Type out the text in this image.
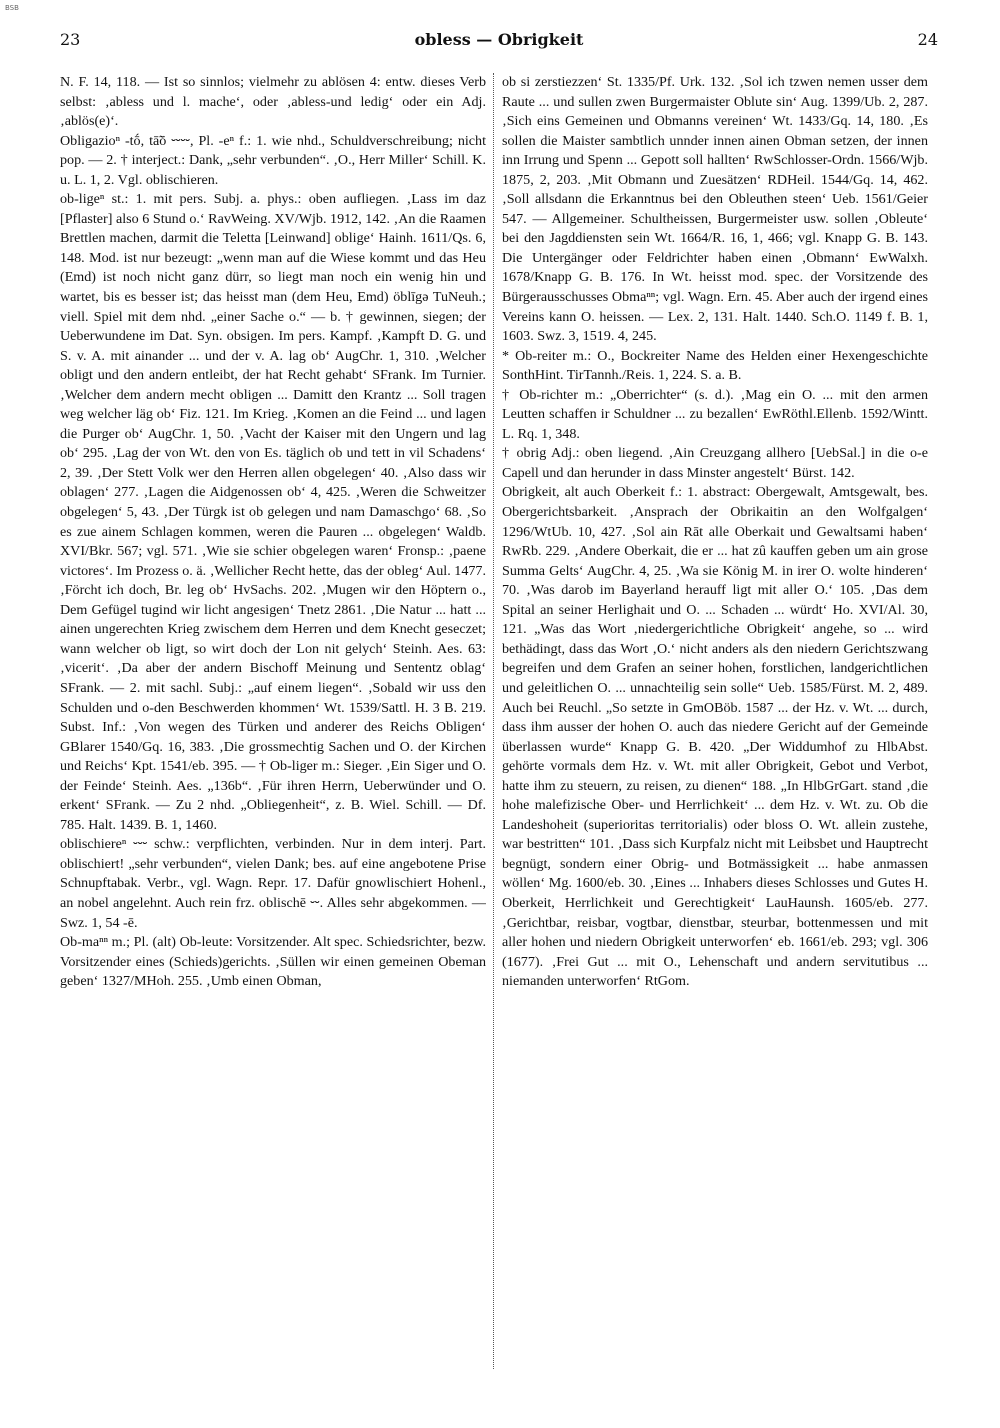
BSB
23	obless — Obrigkeit	24

N. F. 14, 118. — Ist so sinnlos; vielmehr zu ablösen 4: entw. dieses Verb selbst: ‚abless und l. mache‘, oder ‚abless-und ledig‘ oder ein Adj. ‚ablös(e)‘.

Obligazioⁿ -tṓ, tā̃ō ⏑⏑⏑⏑, Pl. -eⁿ f.: 1. wie nhd., Schuldverschreibung; nicht pop. — 2. † interject.: Dank, „sehr verbunden“. ‚O., Herr Miller‘ Schill. K. u. L. 1, 2. Vgl. oblischieren.

ob-ligeⁿ st.: 1. mit pers. Subj. a. phys.: oben aufliegen. ‚Lass im daz [Pflaster] also 6 Stund o.‘ RavWeing. XV/Wjb. 1912, 142. ‚An die Raamen Brettlen machen, darmit die Teletta [Leinwand] oblige‘ Hainh. 1611/Qs. 6, 148. Mod. ist nur bezeugt: „wenn man auf die Wiese kommt und das Heu (Emd) ist noch nicht ganz dürr, so liegt man noch ein wenig hin und wartet, bis es besser ist; das heisst man (dem Heu, Emd) öblīgə TuNeuh.; viell. Spiel mit dem nhd. „einer Sache o.“ — b. † gewinnen, siegen; der Ueberwundene im Dat. Syn. obsigen. Im pers. Kampf. ‚Kampft D. G. und S. v. A. mit ainander ... und der v. A. lag ob‘ AugChr. 1, 310. ‚Welcher obligt und den andern entleibt, der hat Recht gehabt‘ SFrank. Im Turnier. ‚Welcher dem andern mecht obligen ... Damitt den Krantz ... Soll tragen weg welcher läg ob‘ Fiz. 121. Im Krieg. ‚Komen an die Feind ... und lagen die Purger ob‘ AugChr. 1, 50. ‚Vacht der Kaiser mit den Ungern und lag ob‘ 295. ‚Lag der von Wt. den von Es. täglich ob und tett in vil Schadens‘ 2, 39. ‚Der Stett Volk wer den Herren allen obgelegen‘ 40. ‚Also dass wir oblagen‘ 277. ‚Lagen die Aidgenossen ob‘ 4, 425. ‚Weren die Schweitzer obgelegen‘ 5, 43. ‚Der Türgk ist ob gelegen und nam Damaschgo‘ 68. ‚So es zue ainem Schlagen kommen, weren die Pauren ... obgelegen‘ Waldb. XVI/Bkr. 567; vgl. 571. ‚Wie sie schier obgelegen waren‘ Fronsp.: ‚paene victores‘. Im Prozess o. ä. ‚Wellicher Recht hette, das der obleg‘ Aul. 1477. ‚Förcht ich doch, Br. leg ob‘ HvSachs. 202. ‚Mugen wir den Höptern o., Dem Gefügel tugind wir licht angesigen‘ Tnetz 2861. ‚Die Natur ... hatt ... ainen ungerechten Krieg zwischem dem Herren und dem Knecht geseczet; wann welcher ob ligt, so wirt doch der Lon nit gelych‘ Steinh. Aes. 63: ‚vicerit‘. ‚Da aber der andern Bischoff Meinung und Sententz oblag‘ SFrank. — 2. mit sachl. Subj.: „auf einem liegen“. ‚Sobald wir uss den Schulden und o-den Beschwerden khommen‘ Wt. 1539/Sattl. H. 3 B. 219. Subst. Inf.: ‚Von wegen des Türken und anderer des Reichs Obligen‘ GBlarer 1540/Gq. 16, 383. ‚Die grossmechtig Sachen und O. der Kirchen und Reichs‘ Kpt. 1541/eb. 395. — † Ob-liger m.: Sieger. ‚Ein Siger und O. der Feinde‘ Steinh. Aes. „136b“. ‚Für ihren Herrn, Ueberwünder und O. erkent‘ SFrank. — Zu 2 nhd. „Obliegenheit“, z. B. Wiel. Schill. — Df. 785. Halt. 1439. B. 1, 1460.

oblischiereⁿ ⏑⏑⏑ schw.: verpflichten, verbinden. Nur in dem interj. Part. oblischiert! „sehr verbunden“, vielen Dank; bes. auf eine angebotene Prise Schnupftabak. Verbr., vgl. Wagn. Repr. 17. Dafür gnowlischiert Hohenl., an nobel angelehnt. Auch rein frz. oblischē ⏑⏑. Alles sehr abgekommen. — Swz. 1, 54 -ē.

Ob-maⁿⁿ m.; Pl. (alt) Ob-leute: Vorsitzender. Alt spec. Schiedsrichter, bezw. Vorsitzender eines (Schieds)gerichts. ‚Süllen wir einen gemeinen Obeman geben‘ 1327/MHoh. 255. ‚Umb einen Obman,

ob si zerstiezzen‘ St. 1335/Pf. Urk. 132. ‚Sol ich tzwen nemen usser dem Raute ... und sullen zwen Burgermaister Oblute sin‘ Aug. 1399/Ub. 2, 287. ‚Sich eins Gemeinen und Obmanns vereinen‘ Wt. 1433/Gq. 14, 180. ‚Es sollen die Maister sambtlich unnder innen ainen Obman setzen, der innen inn Irrung und Spenn ... Gepott soll hallten‘ RwSchlosser-Ordn. 1566/Wjb. 1875, 2, 203. ‚Mit Obmann und Zuesätzen‘ RDHeil. 1544/Gq. 14, 462. ‚Soll allsdann die Erkanntnus bei den Obleuthen steen‘ Ueb. 1561/Geier 547. — Allgemeiner. Schultheissen, Burgermeister usw. sollen ‚Obleute‘ bei den Jagddiensten sein Wt. 1664/R. 16, 1, 466; vgl. Knapp G. B. 143. Die Untergänger oder Feldrichter haben einen ‚Obmann‘ EwWalxh. 1678/Knapp G. B. 176. In Wt. heisst mod. spec. der Vorsitzende des Bürgerausschusses Obmaⁿⁿ; vgl. Wagn. Ern. 45. Aber auch der irgend eines Vereins kann O. heissen. — Lex. 2, 131. Halt. 1440. Sch.O. 1149 f. B. 1, 1603. Swz. 3, 1519. 4, 245.

* Ob-reiter m.: O., Bockreiter Name des Helden einer Hexengeschichte SonthHint. TirTannh./Reis. 1, 224. S. a. B.

† Ob-richter m.: „Oberrichter“ (s. d.). ‚Mag ein O. ... mit den armen Leutten schaffen ir Schuldner ... zu bezallen‘ EwRöthl.Ellenb. 1592/Wintt. L. Rq. 1, 348.

† obrig Adj.: oben liegend. ‚Ain Creuzgang allhero [UebSal.] in die o-e Capell und dan herunder in dass Minster angestelt‘ Bürst. 142.

Obrigkeit, alt auch Oberkeit f.: 1. abstract: Obergewalt, Amtsgewalt, bes. Obergerichtsbarkeit. ‚Ansprach der Obrikaitin an den Wolfgalgen‘ 1296/WtUb. 10, 427. ‚Sol ain Rāt alle Oberkait und Gewaltsami haben‘ RwRb. 229. ‚Andere Oberkait, die er ... hat zû kauffen geben um ain grose Summa Gelts‘ AugChr. 4, 25. ‚Wa sie König M. in irer O. wolte hinderen‘ 70. ‚Was darob im Bayerland herauff ligt mit aller O.‘ 105. ‚Das dem Spital an seiner Herlighait und O. ... Schaden ... würdt‘ Ho. XVI/Al. 30, 121. „Was das Wort ‚niedergerichtliche Obrigkeit‘ angehe, so ... wird bethädingt, dass das Wort ‚O.‘ nicht anders als den niedern Gerichtszwang begreifen und dem Grafen an seiner hohen, forstlichen, landgerichtlichen und geleitlichen O. ... unnachteilig sein solle“ Ueb. 1585/Fürst. M. 2, 489. Auch bei Reuchl. „So setzte in GmOBöb. 1587 ... der Hz. v. Wt. ... durch, dass ihm ausser der hohen O. auch das niedere Gericht auf der Gemeinde überlassen wurde“ Knapp G. B. 420. „Der Widdumhof zu HlbAbst. gehörte vormals dem Hz. v. Wt. mit aller Obrigkeit, Gebot und Verbot, hatte ihm zu steuern, zu reisen, zu dienen“ 188. „In HlbGrGart. stand ‚die hohe malefizische Ober- und Herrlichkeit‘ ... dem Hz. v. Wt. zu. Ob die Landeshoheit (superioritas territorialis) oder bloss O. Wt. allein zustehe, war bestritten“ 101. ‚Dass sich Kurpfalz nicht mit Leibsbet und Hauptrecht begnügt, sondern einer Obrig- und Botmässigkeit ... habe anmassen wöllen‘ Mg. 1600/eb. 30. ‚Eines ... Inhabers dieses Schlosses und Gutes H. Oberkeit, Herrlichkeit und Gerechtigkeit‘ LauHaunsh. 1605/eb. 277. ‚Gerichtbar, reisbar, vogtbar, dienstbar, steurbar, bottenmessen und mit aller hohen und niedern Obrigkeit unterworfen‘ eb. 1661/eb. 293; vgl. 306 (1677). ‚Frei Gut ... mit O., Lehenschaft und andern servitutibus ... niemanden unterworfen‘ RtGom.
